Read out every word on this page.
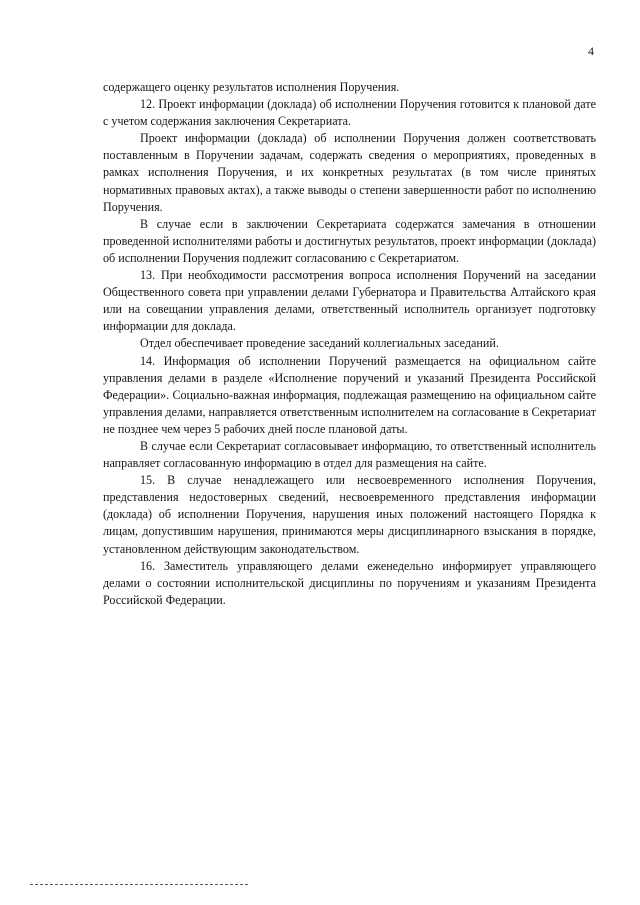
4

содержащего оценку результатов исполнения Поручения.

12. Проект информации (доклада) об исполнении Поручения готовится к плановой дате с учетом содержания заключения Секретариата.

Проект информации (доклада) об исполнении Поручения должен соответствовать поставленным в Поручении задачам, содержать сведения о мероприятиях, проведенных в рамках исполнения Поручения, и их конкретных результатах (в том числе принятых нормативных правовых актах), а также выводы о степени завершенности работ по исполнению Поручения.

В случае если в заключении Секретариата содержатся замечания в отношении проведенной исполнителями работы и достигнутых результатов, проект информации (доклада) об исполнении Поручения подлежит согласованию с Секретариатом.

13. При необходимости рассмотрения вопроса исполнения Поручений на заседании Общественного совета при управлении делами Губернатора и Правительства Алтайского края или на совещании управления делами, ответственный исполнитель организует подготовку информации для доклада.

Отдел обеспечивает проведение заседаний коллегиальных заседаний.

14. Информация об исполнении Поручений размещается на официальном сайте управления делами в разделе «Исполнение поручений и указаний Президента Российской Федерации». Социально-важная информация, подлежащая размещению на официальном сайте управления делами, направляется ответственным исполнителем на согласование в Секретариат не позднее чем через 5 рабочих дней после плановой даты.

В случае если Секретариат согласовывает информацию, то ответственный исполнитель направляет согласованную информацию в отдел для размещения на сайте.

15. В случае ненадлежащего или несвоевременного исполнения Поручения, представления недостоверных сведений, несвоевременного представления информации (доклада) об исполнении Поручения, нарушения иных положений настоящего Порядка к лицам, допустившим нарушения, принимаются меры дисциплинарного взыскания в порядке, установленном действующим законодательством.

16. Заместитель управляющего делами еженедельно информирует управляющего делами о состоянии исполнительской дисциплины по поручениям и указаниям Президента Российской Федерации.
